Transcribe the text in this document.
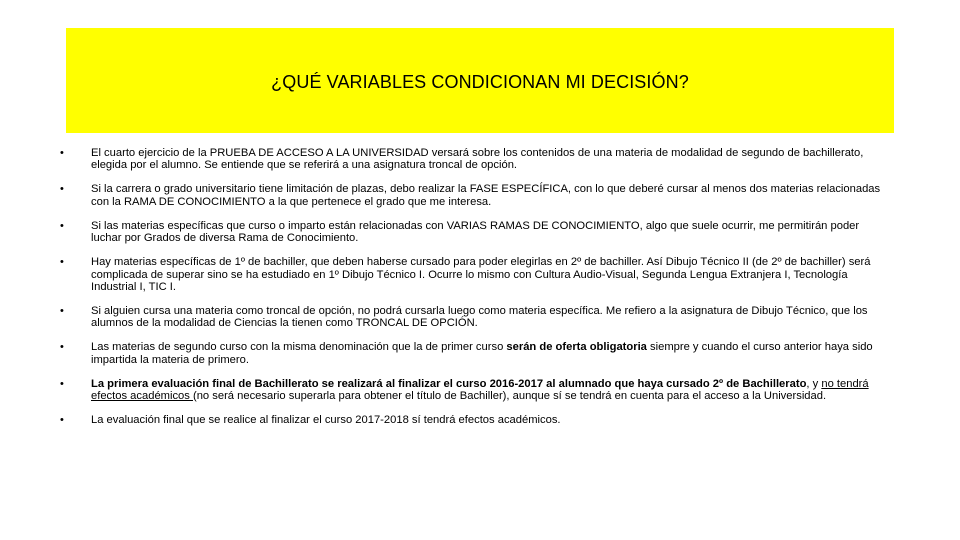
¿QUÉ VARIABLES CONDICIONAN MI DECISIÓN?
• El cuarto ejercicio de la PRUEBA DE ACCESO A LA UNIVERSIDAD versará sobre los contenidos de una materia de modalidad de segundo de bachillerato, elegida por el alumno. Se entiende que se referirá a una asignatura troncal de opción.
• Si la carrera o grado universitario tiene limitación de plazas, debo realizar la FASE ESPECÍFICA, con lo que deberé cursar al menos dos materias relacionadas con la RAMA DE CONOCIMIENTO a la que pertenece el grado que me interesa.
• Si las materias específicas que curso o imparto están relacionadas con VARIAS RAMAS DE CONOCIMIENTO, algo que suele ocurrir, me permitirán poder luchar por Grados de diversa Rama de Conocimiento.
• Hay materias específicas de 1º de bachiller, que deben haberse cursado para poder elegirlas en 2º de bachiller. Así Dibujo Técnico II (de 2º de bachiller) será complicada de superar sino se ha estudiado en 1º Dibujo Técnico I. Ocurre lo mismo con Cultura Audio-Visual, Segunda Lengua Extranjera I, Tecnología Industrial I, TIC I.
• Si alguien cursa una materia como troncal de opción, no podrá cursarla luego como materia específica. Me refiero a la asignatura de Dibujo Técnico, que los alumnos de la modalidad de Ciencias la tienen como TRONCAL DE OPCIÓN.
• Las materias de segundo curso con la misma denominación que la de primer curso serán de oferta obligatoria siempre y cuando el curso anterior haya sido impartida la materia de primero.
• La primera evaluación final de Bachillerato se realizará al finalizar el curso 2016-2017 al alumnado que haya cursado 2º de Bachillerato, y no tendrá efectos académicos (no será necesario superarla para obtener el título de Bachiller), aunque sí se tendrá en cuenta para el acceso a la Universidad.
• La evaluación final que se realice al finalizar el curso 2017-2018 sí tendrá efectos académicos.
